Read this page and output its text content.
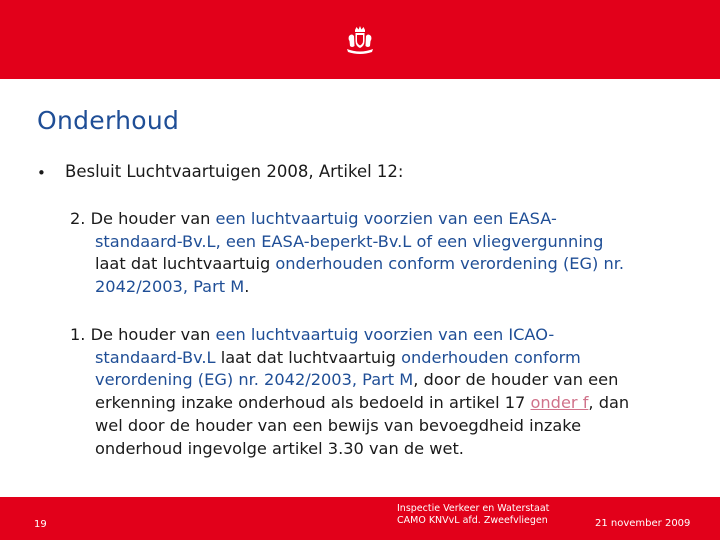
Onderhoud
•	Besluit Luchtvaartuigen 2008, Artikel 12:
2. De houder van een luchtvaartuig voorzien van een EASA-
standaard-Bv.L, een EASA-beperkt-Bv.L of een vliegvergunning
laat dat luchtvaartuig onderhouden conform verordening (EG) nr.
2042/2003, Part M.
1. De houder van een luchtvaartuig voorzien van een ICAO-
standaard-Bv.L laat dat luchtvaartuig onderhouden conform
verordening (EG) nr. 2042/2003, Part M, door de houder van een
erkenning inzake onderhoud als bedoeld in artikel 17 onder f, dan
wel door de houder van een bewijs van bevoegdheid inzake
onderhoud ingevolge artikel 3.30 van de wet.
19
Inspectie Verkeer en Waterstaat
CAMO KNVvL afd. Zweefvliegen	21 november 2009
